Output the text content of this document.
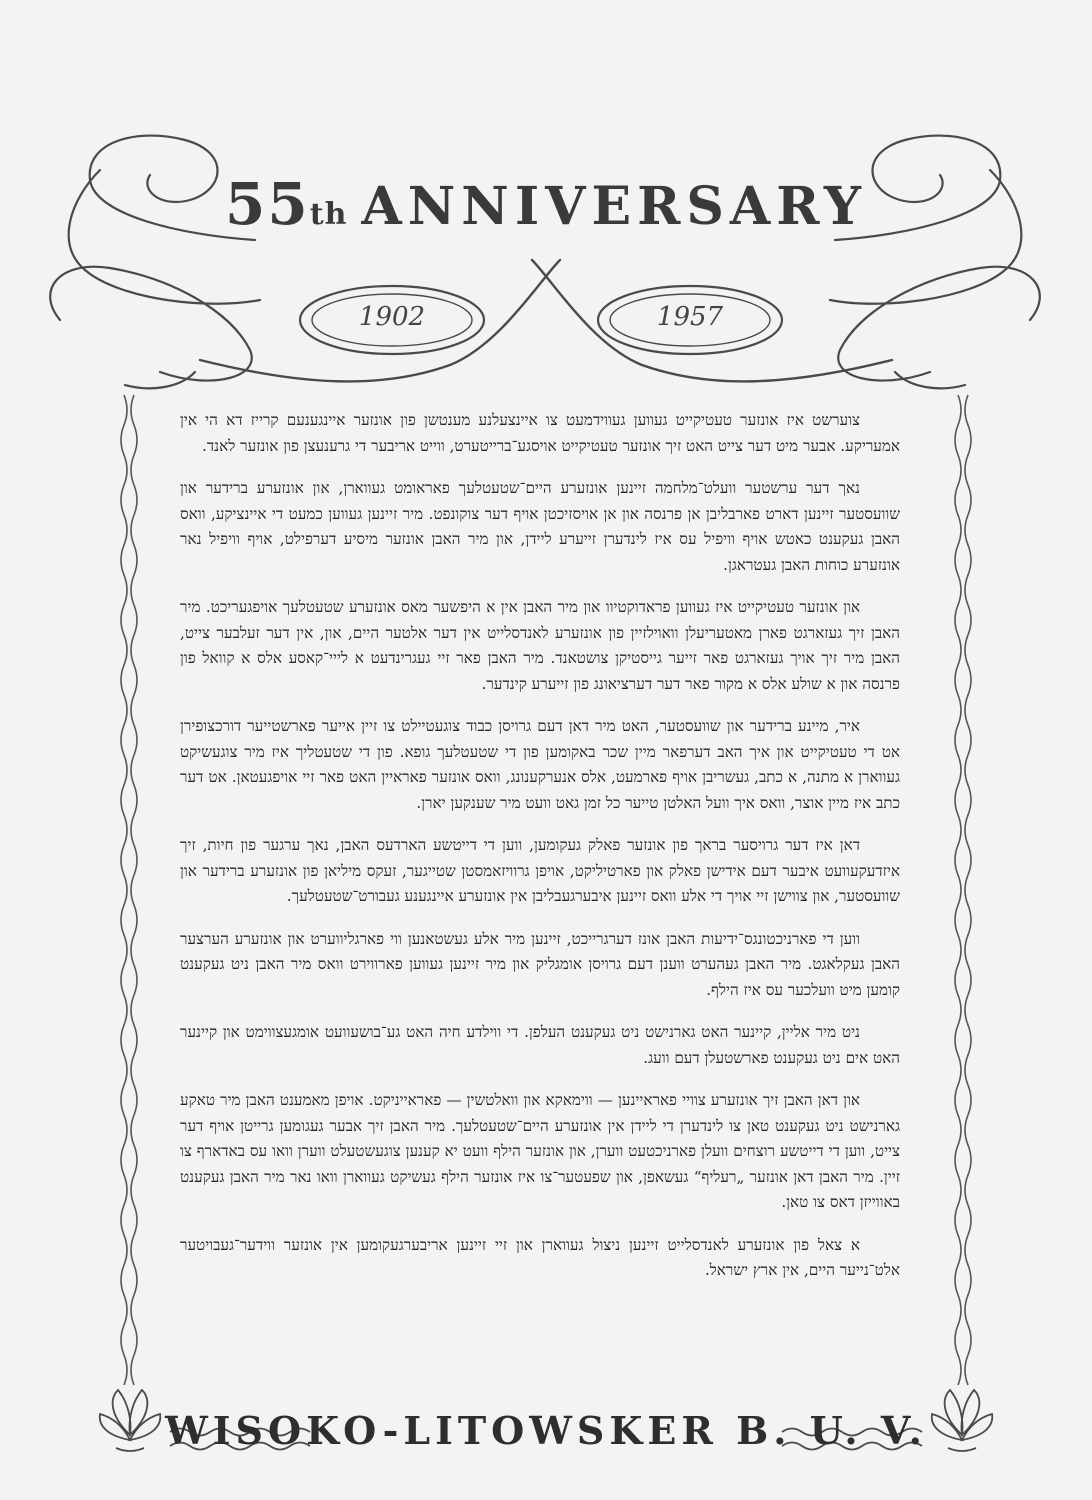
55th ANNIVERSARY
1902	1957

צוערשט איז אונזער טעטיקייט געווען געווידמעט צו איינצעלנע מענטשן פון אונזער איינגענעם קרייז דא הי אין אמעריקע. אבער מיט דער צייט האט זיך אונזער טעטיקייט אויסגע־ברייטערט, ווייט אריבער די גרענעצן פון אונזער לאנד.

נאך דער ערשטער וועלט־מלחמה זיינען אונזערע היים־שטעטלעך פאראומט געווארן, און אונזערע ברידער און שוועסטער זיינען דארט פארבליבן אן פרנסה און אן אויסזיכטן אויף דער צוקונפט. מיר זיינען געווען כמעט די איינציקע, וואס האבן געקענט כאטש אויף וויפיל עס איז לינדערן זייערע ליידן, און מיר האבן אונזער מיסיע דערפילט, אויף וויפיל נאר אונזערע כוחות האבן געטראגן.

און אונזער טעטיקייט איז געווען פראדוקטיוו און מיר האבן אין א היפשער מאס אונזערע שטעטלעך אויפגעריכט. מיר האבן זיך געזארגט פארן מאטעריעלן וואוילזיין פון אונזערע לאנדסלייט אין דער אלטער היים, און, אין דער זעלבער צייט, האבן מיר זיך אויך געזארגט פאר זייער גייסטיקן צושטאנד. מיר האבן פאר זיי געגרינדעט א לייי־קאסע אלס א קוואל פון פרנסה און א שולע אלס א מקור פאר דער דערציאונג פון זייערע קינדער.

איר, מיינע ברידער און שוועסטער, האט מיר דאן דעם גרויסן כבוד צוגעטיילט צו זיין אייער פארשטייער דורכצופירן אט די טעטיקייט און איך האב דערפאר מיין שכר באקומען פון די שטעטלעך גופא. פון די שטעטליך איז מיר צוגעשיקט געווארן א מתנה, א כתב, געשריבן אויף פארמעט, אלס אנערקענונג, וואס אונזער פאראיין האט פאר זיי אויפגעטאן. אט דער כתב איז מיין אוצר, וואס איך וועל האלטן טייער כל זמן גאט וועט מיר שענקען יארן.

דאן איז דער גרויסער בראך פון אונזער פאלק געקומען, ווען די דייטשע הארדעס האבן, נאך ערגער פון חיות, זיך איזדעקעוועט איבער דעם אידישן פאלק און פארטיליקט, אויפן גרוויזאמסטן שטייגער, זעקס מיליאן פון אונזערע ברידער און שוועסטער, און צווישן זיי אויך די אלע וואס זיינען איבערגעבליבן אין אונזערע איינגענע געבורט־שטעטלעך.

ווען די פארניכטונגס־ידיעות האבן אונז דערגרייכט, זיינען מיר אלע געשטאנען ווי פארגליווערט און אונזערע הערצער האבן געקלאגט. מיר האבן געהערט ווענן דעם גרויסן אומגליק און מיר זיינען געווען פארווירט וואס מיר האבן ניט געקענט קומען מיט וועלכער עס איז הילף.

ניט מיר אליין, קיינער האט גארנישט ניט געקענט העלפן. די ווילדע חיה האט גע־בושעוועט אומגעצווימט און קיינער האט אים ניט געקענט פארשטעלן דעם וועג.

און דאן האבן זיך אונזערע צוויי פאראיינען — ווימאקא און וואלטשין — פאראייניקט. אויפן מאמענט האבן מיר טאקע גארנישט ניט געקענט טאן צו לינדערן די ליידן אין אונזערע היים־שטעטלעך. מיר האבן זיך אבער געגומען גרייטן אויף דער צייט, ווען די דייטשע רוצחים וועלן פארניכטעט ווערן, און אונזער הילף וועט יא קענען צוגעשטעלט ווערן וואו עס באדארף צו זיין. מיר האבן דאן אונזער „רעליף“ געשאפן, און שפעטער־צו איז אונזער הילף געשיקט געווארן וואו נאר מיר האבן געקענט באווייזן דאס צו טאן.

א צאל פון אונזערע לאנדסלייט זיינען ניצול געווארן און זיי זיינען אריבערגעקומען אין אונזער ווידער־געבויטער אלט־נייער היים, אין ארץ ישראל.

WISOKO-LITOWSKER B. U. V.
